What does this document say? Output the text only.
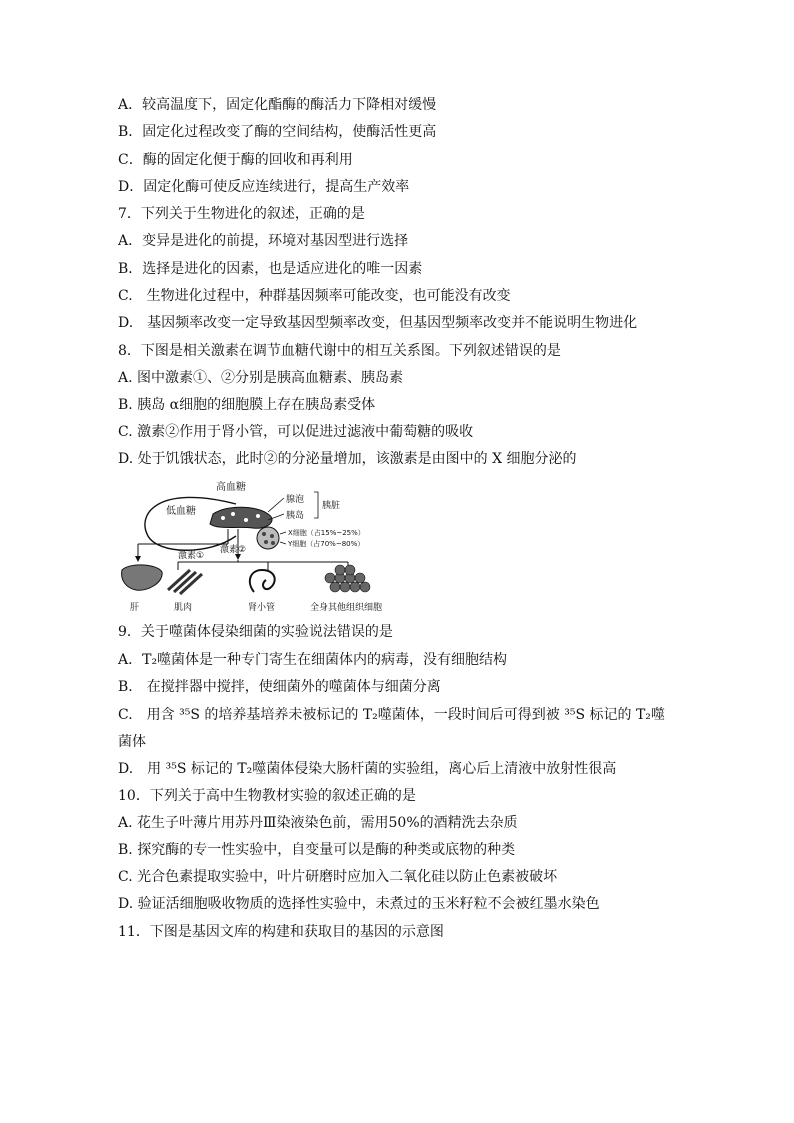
A．较高温度下，固定化酯酶的酶活力下降相对缓慢
B．固定化过程改变了酶的空间结构，使酶活性更高
C．酶的固定化便于酶的回收和再利用
D．固定化酶可使反应连续进行，提高生产效率
7．下列关于生物进化的叙述，正确的是
A．变异是进化的前提，环境对基因型进行选择
B．选择是进化的因素，也是适应进化的唯一因素
C.　生物进化过程中，种群基因频率可能改变，也可能没有改变
D.　基因频率改变一定导致基因型频率改变，但基因型频率改变并不能说明生物进化
8．下图是相关激素在调节血糖代谢中的相互关系图。下列叙述错误的是
A. 图中激素①、②分别是胰高血糖素、胰岛素
B. 胰岛 α细胞的细胞膜上存在胰岛素受体
C. 激素②作用于肾小管，可以促进过滤液中葡萄糖的吸收
D. 处于饥饿状态，此时②的分泌量增加，该激素是由图中的 X 细胞分泌的
高血糖
低血糖
腺泡
胰岛
胰脏
X细胞（占15%~25%）
Y细胞（占70%~80%）
激素①
激素②
肝	肌肉	肾小管	全身其他组织细胞
9．关于噬菌体侵染细菌的实验说法错误的是
A．T₂噬菌体是一种专门寄生在细菌体内的病毒，没有细胞结构
B.　在搅拌器中搅拌，使细菌外的噬菌体与细菌分离
C.　用含 ³⁵S 的培养基培养未被标记的 T₂噬菌体，一段时间后可得到被 ³⁵S 标记的 T₂噬
菌体
D.　用 ³⁵S 标记的 T₂噬菌体侵染大肠杆菌的实验组，离心后上清液中放射性很高
10．下列关于高中生物教材实验的叙述正确的是
A. 花生子叶薄片用苏丹Ⅲ染液染色前，需用50%的酒精洗去杂质
B. 探究酶的专一性实验中，自变量可以是酶的种类或底物的种类
C. 光合色素提取实验中，叶片研磨时应加入二氧化硅以防止色素被破坏
D. 验证活细胞吸收物质的选择性实验中，未煮过的玉米籽粒不会被红墨水染色
11．下图是基因文库的构建和获取目的基因的示意图
